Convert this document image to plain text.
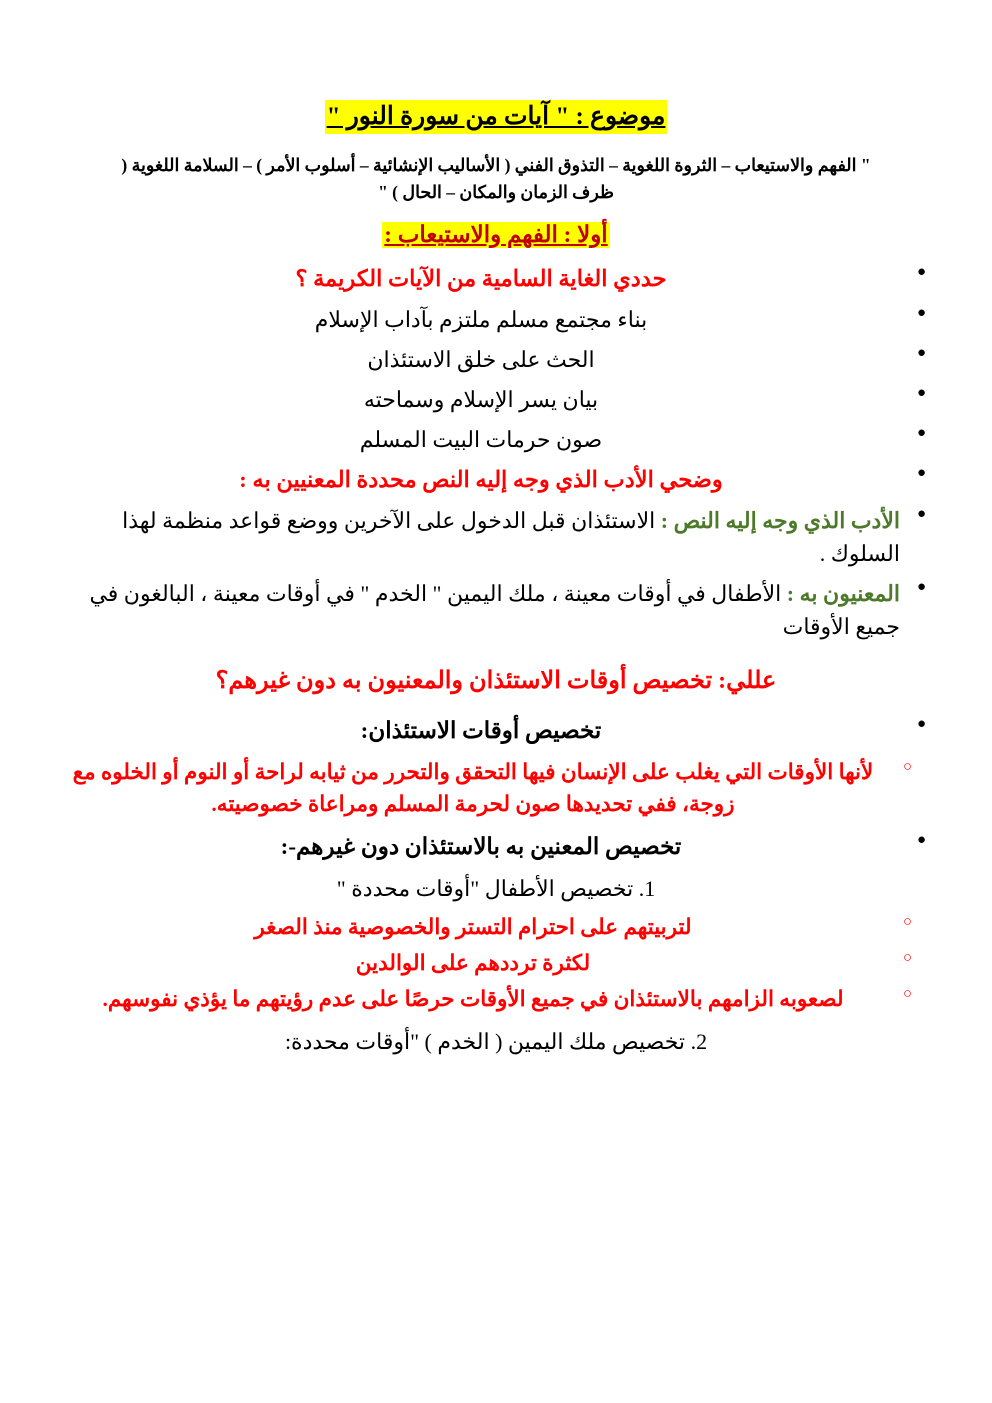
موضوع : " آيات من سورة النور "
" الفهم والاستيعاب – الثروة اللغوية – التذوق الفني ( الأساليب الإنشائية – أسلوب الأمر ) – السلامة اللغوية ( ظرف الزمان والمكان – الحال ) "
أولا : الفهم والاستيعاب :
● حددي الغاية السامية من الآيات الكريمة ؟
● بناء مجتمع مسلم ملتزم بآداب الإسلام
● الحث على خلق الاستئذان
● بيان يسر الإسلام وسماحته
● صون حرمات البيت المسلم
● وضحي الأدب الذي وجه إليه النص محددة المعنيين به :
● الأدب الذي وجه إليه النص : الاستئذان قبل الدخول على الآخرين ووضع قواعد منظمة لهذا السلوك .
● المعنيون به : الأطفال في أوقات معينة ، ملك اليمين " الخدم " في أوقات معينة ، البالغون في جميع الأوقات
عللي: تخصيص أوقات الاستئذان والمعنيون به دون غيرهم؟
● تخصيص أوقات الاستئذان:
○ لأنها الأوقات التي يغلب على الإنسان فيها التحقق والتحرر من ثيابه لراحة أو النوم أو الخلوه مع زوجة، ففي تحديدها صون لحرمة المسلم ومراعاة خصوصيته.
● تخصيص المعنين به بالاستئذان دون غيرهم-:
1 . تخصيص الأطفال "أوقات محددة "
○ لتربيتهم على احترام التستر والخصوصية منذ الصغر
○ لكثرة ترددهم على الوالدين
○ لصعوبه الزامهم بالاستئذان في جميع الأوقات حرصًا على عدم رؤيتهم ما يؤذي نفوسهم.
2 . تخصيص ملك اليمين ( الخدم ) "أوقات محددة:
